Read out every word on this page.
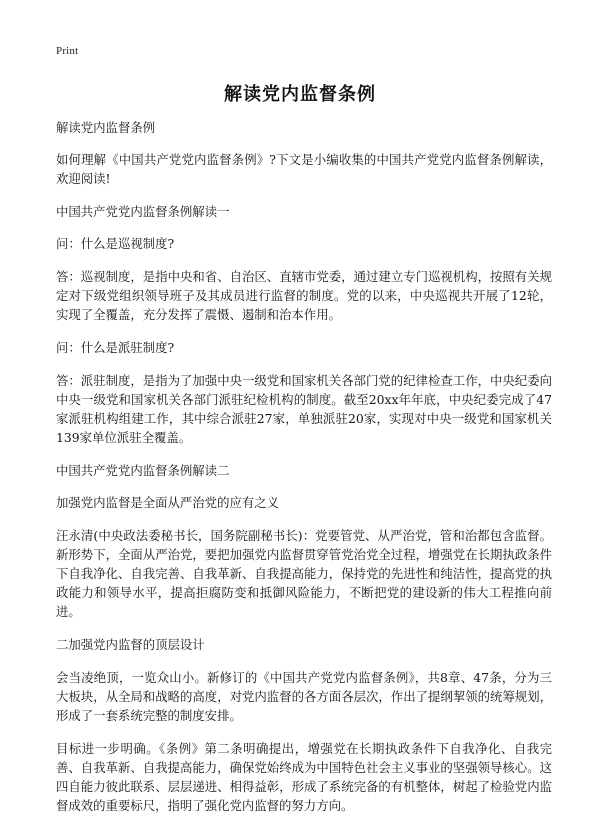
Print
解读党内监督条例

解读党内监督条例

如何理解《中国共产党党内监督条例》?下文是小编收集的中国共产党党内监督条例解读，欢迎阅读!

中国共产党党内监督条例解读一

问：什么是巡视制度?

答：巡视制度，是指中央和省、自治区、直辖市党委，通过建立专门巡视机构，按照有关规定对下级党组织领导班子及其成员进行监督的制度。党的以来，中央巡视共开展了12轮，实现了全覆盖，充分发挥了震慑、遏制和治本作用。

问：什么是派驻制度?

答：派驻制度，是指为了加强中央一级党和国家机关各部门党的纪律检查工作，中央纪委向中央一级党和国家机关各部门派驻纪检机构的制度。截至20xx年年底，中央纪委完成了47家派驻机构组建工作，其中综合派驻27家，单独派驻20家，实现对中央一级党和国家机关139家单位派驻全覆盖。

中国共产党党内监督条例解读二

加强党内监督是全面从严治党的应有之义

汪永清(中央政法委秘书长，国务院副秘书长)：党要管党、从严治党，管和治都包含监督。新形势下，全面从严治党，要把加强党内监督贯穿管党治党全过程，增强党在长期执政条件下自我净化、自我完善、自我革新、自我提高能力，保持党的先进性和纯洁性，提高党的执政能力和领导水平，提高拒腐防变和抵御风险能力，不断把党的建设新的伟大工程推向前进。

二加强党内监督的顶层设计

会当凌绝顶，一览众山小。新修订的《中国共产党党内监督条例》，共8章、47条，分为三大板块，从全局和战略的高度，对党内监督的各方面各层次，作出了提纲挈领的统筹规划，形成了一套系统完整的制度安排。

目标进一步明确。《条例》第二条明确提出，增强党在长期执政条件下自我净化、自我完善、自我革新、自我提高能力，确保党始终成为中国特色社会主义事业的坚强领导核心。这四自能力彼此联系、层层递进、相得益彰，形成了系统完备的有机整体，树起了检验党内监督成效的重要标尺，指明了强化党内监督的努力方向。
